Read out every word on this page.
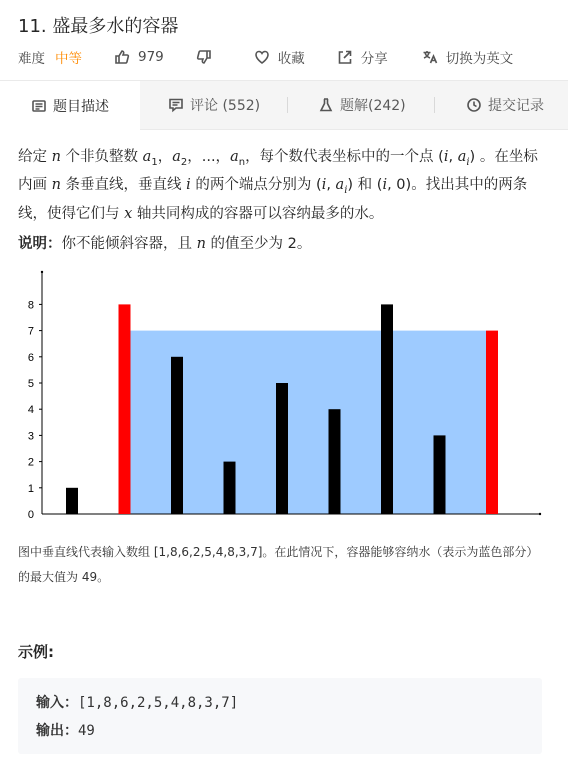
11. 盛最多水的容器
难度 中等	979	收藏	分享	切换为英文
题目描述	评论 (552)	题解(242)	提交记录
给定 n 个非负整数 $a_1$，$a_2$，...，$a_n$，每个数代表坐标中的一个点 (i, $a_i$) 。在坐标内画 n 条垂直线，垂直线 i 的两个端点分别为 (i, $a_i$) 和 (i, 0)。找出其中的两条线，使得它们与 x 轴共同构成的容器可以容纳最多的水。
说明：你不能倾斜容器，且 n 的值至少为 2。
0
1
2
3
4
5
6
7
8
图中垂直线代表输入数组 [1,8,6,2,5,4,8,3,7]。在此情况下，容器能够容纳水（表示为蓝色部分）的最大值为 49。
示例:
输入：[1,8,6,2,5,4,8,3,7]
输出：49
